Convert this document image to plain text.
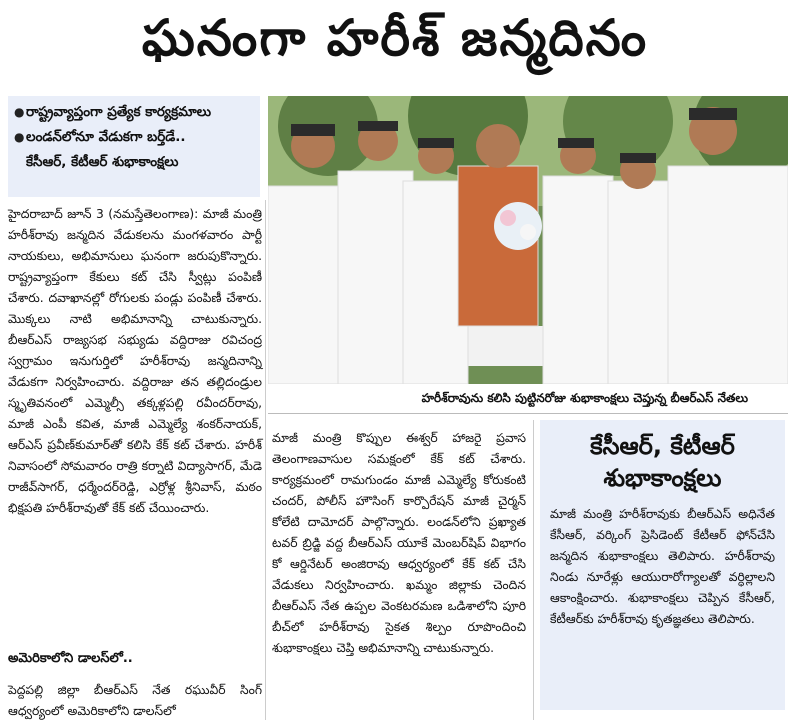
ఘనంగా హరీశ్ జన్మదినం
● రాష్ట్రవ్యాప్తంగా ప్రత్యేక కార్యక్రమాలు
● లండన్‌లోనూ వేడుకగా బర్త్‌డే..
కేసీఆర్, కేటీఆర్ శుభాకాంక్షలు
హరీశ్‌రావును కలిసి పుట్టినరోజు శుభాకాంక్షలు చెప్తున్న బీఆర్ఎస్ నేతలు

హైదరాబాద్ జూన్ 3 (నమస్తేతెలంగాణ): మాజీ మంత్రి హరీశ్‌రావు జన్మదిన వేడుకలను మంగళవారం పార్టీ నాయకులు, అభిమానులు ఘనంగా జరుపుకొన్నారు. రాష్ట్రవ్యాప్తంగా కేకులు కట్ చేసి స్వీట్లు పంపిణీ చేశారు. దవాఖానల్లో రోగులకు పండ్లు పంపిణీ చేశారు. మొక్కలు నాటి అభిమానాన్ని చాటుకున్నారు. బీఆర్ఎస్ రాజ్యసభ సభ్యుడు వద్దిరాజు రవిచంద్ర స్వగ్రామం ఇనుగుర్తిలో హరీశ్‌రావు జన్మదినాన్ని వేడుకగా నిర్వహించారు. వద్దిరాజు తన తల్లిదండ్రుల స్మృతివనంలో ఎమ్మెల్సీ తక్కళ్లపల్లి రవీందర్‌రావు, మాజీ ఎంపీ కవిత, మాజీ ఎమ్మెల్యే శంకర్‌నాయక్, ఆర్ఎస్ ప్రవీణ్‌కుమార్‌తో కలిసి కేక్ కట్ చేశారు. హరీశ్ నివాసంలో సోమవారం రాత్రి కర్నాటి విద్యాసాగర్, మేడె రాజీవ్‌సాగర్, ధర్మేందర్‌రెడ్డి, ఎర్రోళ్ల శ్రీనివాస్, మఠం భిక్షపతి హరీశ్‌రావుతో కేక్ కట్ చేయించారు.

అమెరికాలోని డాలస్‌లో..

పెద్దపల్లి జిల్లా బీఆర్ఎస్ నేత రఘువీర్ సింగ్ ఆధ్వర్యంలో అమెరికాలోని డాలస్‌లో

మాజీ మంత్రి కొప్పుల ఈశ్వర్ హాజరై ప్రవాస తెలంగాణవాసుల సమక్షంలో కేక్ కట్ చేశారు. కార్యక్రమంలో రామగుండం మాజీ ఎమ్మెల్యే కోరుకంటి చందర్, పోలీస్ హౌసింగ్ కార్పొరేషన్ మాజీ చైర్మన్ కోలేటి దామోదర్ పాల్గొన్నారు. లండన్‌లోని ప్రఖ్యాత టవర్ బ్రిడ్జి వద్ద బీఆర్ఎస్ యూకే మెంబర్‌షిప్ విభాగం కో ఆర్డినేటర్ అంజిరావు ఆధ్వర్యంలో కేక్ కట్ చేసి వేడుకలు నిర్వహించారు. ఖమ్మం జిల్లాకు చెందిన బీఆర్ఎస్ నేత ఉప్పల వెంకటరమణ ఒడిశాలోని పూరి బీచ్‌లో హరీశ్‌రావు సైకత శిల్పం రూపొందించి శుభాకాంక్షలు చెప్తి అభిమానాన్ని చాటుకున్నారు.

కేసీఆర్, కేటీఆర్
శుభాకాంక్షలు
మాజీ మంత్రి హరీశ్‌రావుకు బీఆర్ఎస్ అధినేత కేసీఆర్, వర్కింగ్ ప్రెసిడెంట్ కేటీఆర్ ఫోన్‌చేసి జన్మదిన శుభాకాంక్షలు తెలిపారు. హరీశ్‌రావు నిండు నూరేళ్లు ఆయురారోగ్యాలతో వర్ధిల్లాలని ఆకాంక్షించారు. శుభాకాంక్షలు చెప్పిన కేసీఆర్, కేటీఆర్‌కు హరీశ్‌రావు కృతజ్ఞతలు తెలిపారు.
